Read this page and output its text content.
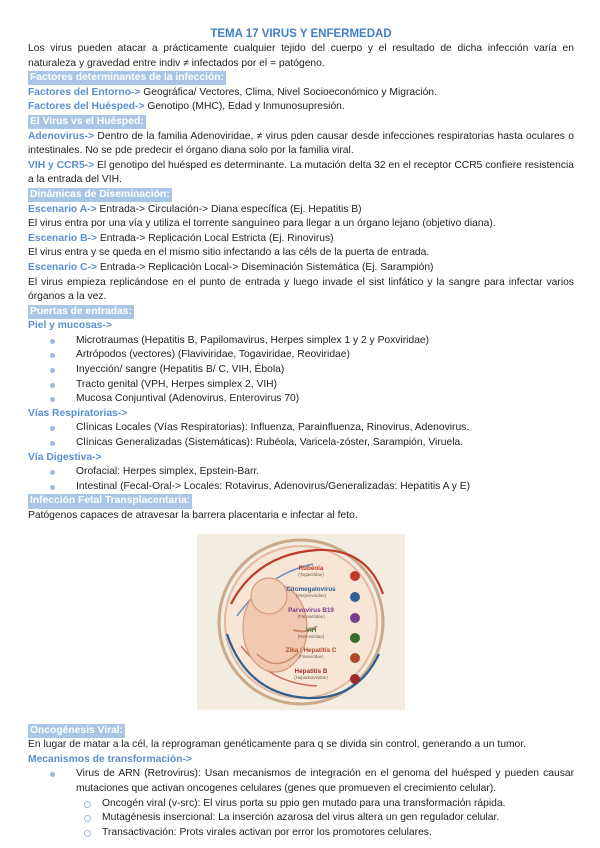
TEMA 17 VIRUS Y ENFERMEDAD

Los virus pueden atacar a prácticamente cualquier tejido del cuerpo y el resultado de dicha infección varía en naturaleza y gravedad entre indiv ≠ infectados por el = patógeno.

Factores determinantes de la infección:

Factores del Entorno-> Geográfica/ Vectores, Clima, Nivel Socioeconómico y Migración.

Factores del Huésped-> Genotipo (MHC), Edad y Inmunosupresión.

El Virus vs el Huésped:

Adenovirus-> Dentro de la familia Adenoviridae, ≠ virus pden causar desde infecciones respiratorias hasta oculares o intestinales. No se pde predecir el órgano diana solo por la familia viral.

VIH y CCR5-> El genotipo del huésped es determinante. La mutación delta 32 en el receptor CCR5 confiere resistencia a la entrada del VIH.

Dinámicas de Diseminación:

Escenario A-> Entrada-> Circulación-> Diana específica (Ej. Hepatitis B)

El virus entra por una vía y utiliza el torrente sanguíneo para llegar a un órgano lejano (objetivo diana).

Escenario B-> Entrada-> Replicación Local Estricta (Ej. Rinovirus)

El virus entra y se queda en el mismo sitio infectando a las céls de la puerta de entrada.

Escenario C-> Entrada-> Replicación Local-> Diseminación Sistemática (Ej. Sarampión)

El virus empieza replicándose en el punto de entrada y luego invade el sist linfático y la sangre para infectar varios órganos a la vez.

Puertas de entradas:

Piel y mucosas->

Microtraumas (Hepatitis B, Papilomavirus, Herpes simplex 1 y 2 y Poxviridae)
Artrópodos (vectores) (Flaviviridae, Togaviridae, Reoviridae)
Inyección/ sangre (Hepatitis B/ C, VIH, Ébola)
Tracto genital (VPH, Herpes simplex 2, VIH)
Mucosa Conjuntival (Adenovirus, Enterovirus 70)

Vías Respiratorias->

Clínicas Locales (Vías Respiratorias): Influenza, Parainfluenza, Rinovirus, Adenovirus.
Clínicas Generalizadas (Sistemáticas): Rubéola, Varicela-zóster, Sarampión, Viruela.

Vía Digestiva->

Orofacial: Herpes simplex, Epstein-Barr.
Intestinal (Fecal-Oral-> Locales: Rotavirus, Adenovirus/Generalizadas: Hepatitis A y E)
Infección Fetal Transplacentaria:

Patógenos capaces de atravesar la barrera placentaria e infectar al feto.

Rubéola
(Togaviridae)
Citomegalovirus
(Herpesviridae)
Parvovirus B19
(Parvoviridae)
VIH
(Retroviridae)
Zika / Hepatitis C
(Flaviviridae)
Hepatitis B
(Hepadnaviridae)
Oncogénesis Viral:

En lugar de matar a la cél, la reprograman genéticamente para q se divida sin control, generando a un tumor.

Mecanismos de transformación->

Virus de ARN (Retrovirus): Usan mecanismos de integración en el genoma del huésped y pueden causar mutaciones que activan oncogenes celulares (genes que promueven el crecimiento celular).
Oncogén viral (v-src): El virus porta su ppio gen mutado para una transformación rápida.
Mutagénesis insercional: La inserción azarosa del virus altera un gen regulador celular.
Transactivación: Prots virales activan por error los promotores celulares.
